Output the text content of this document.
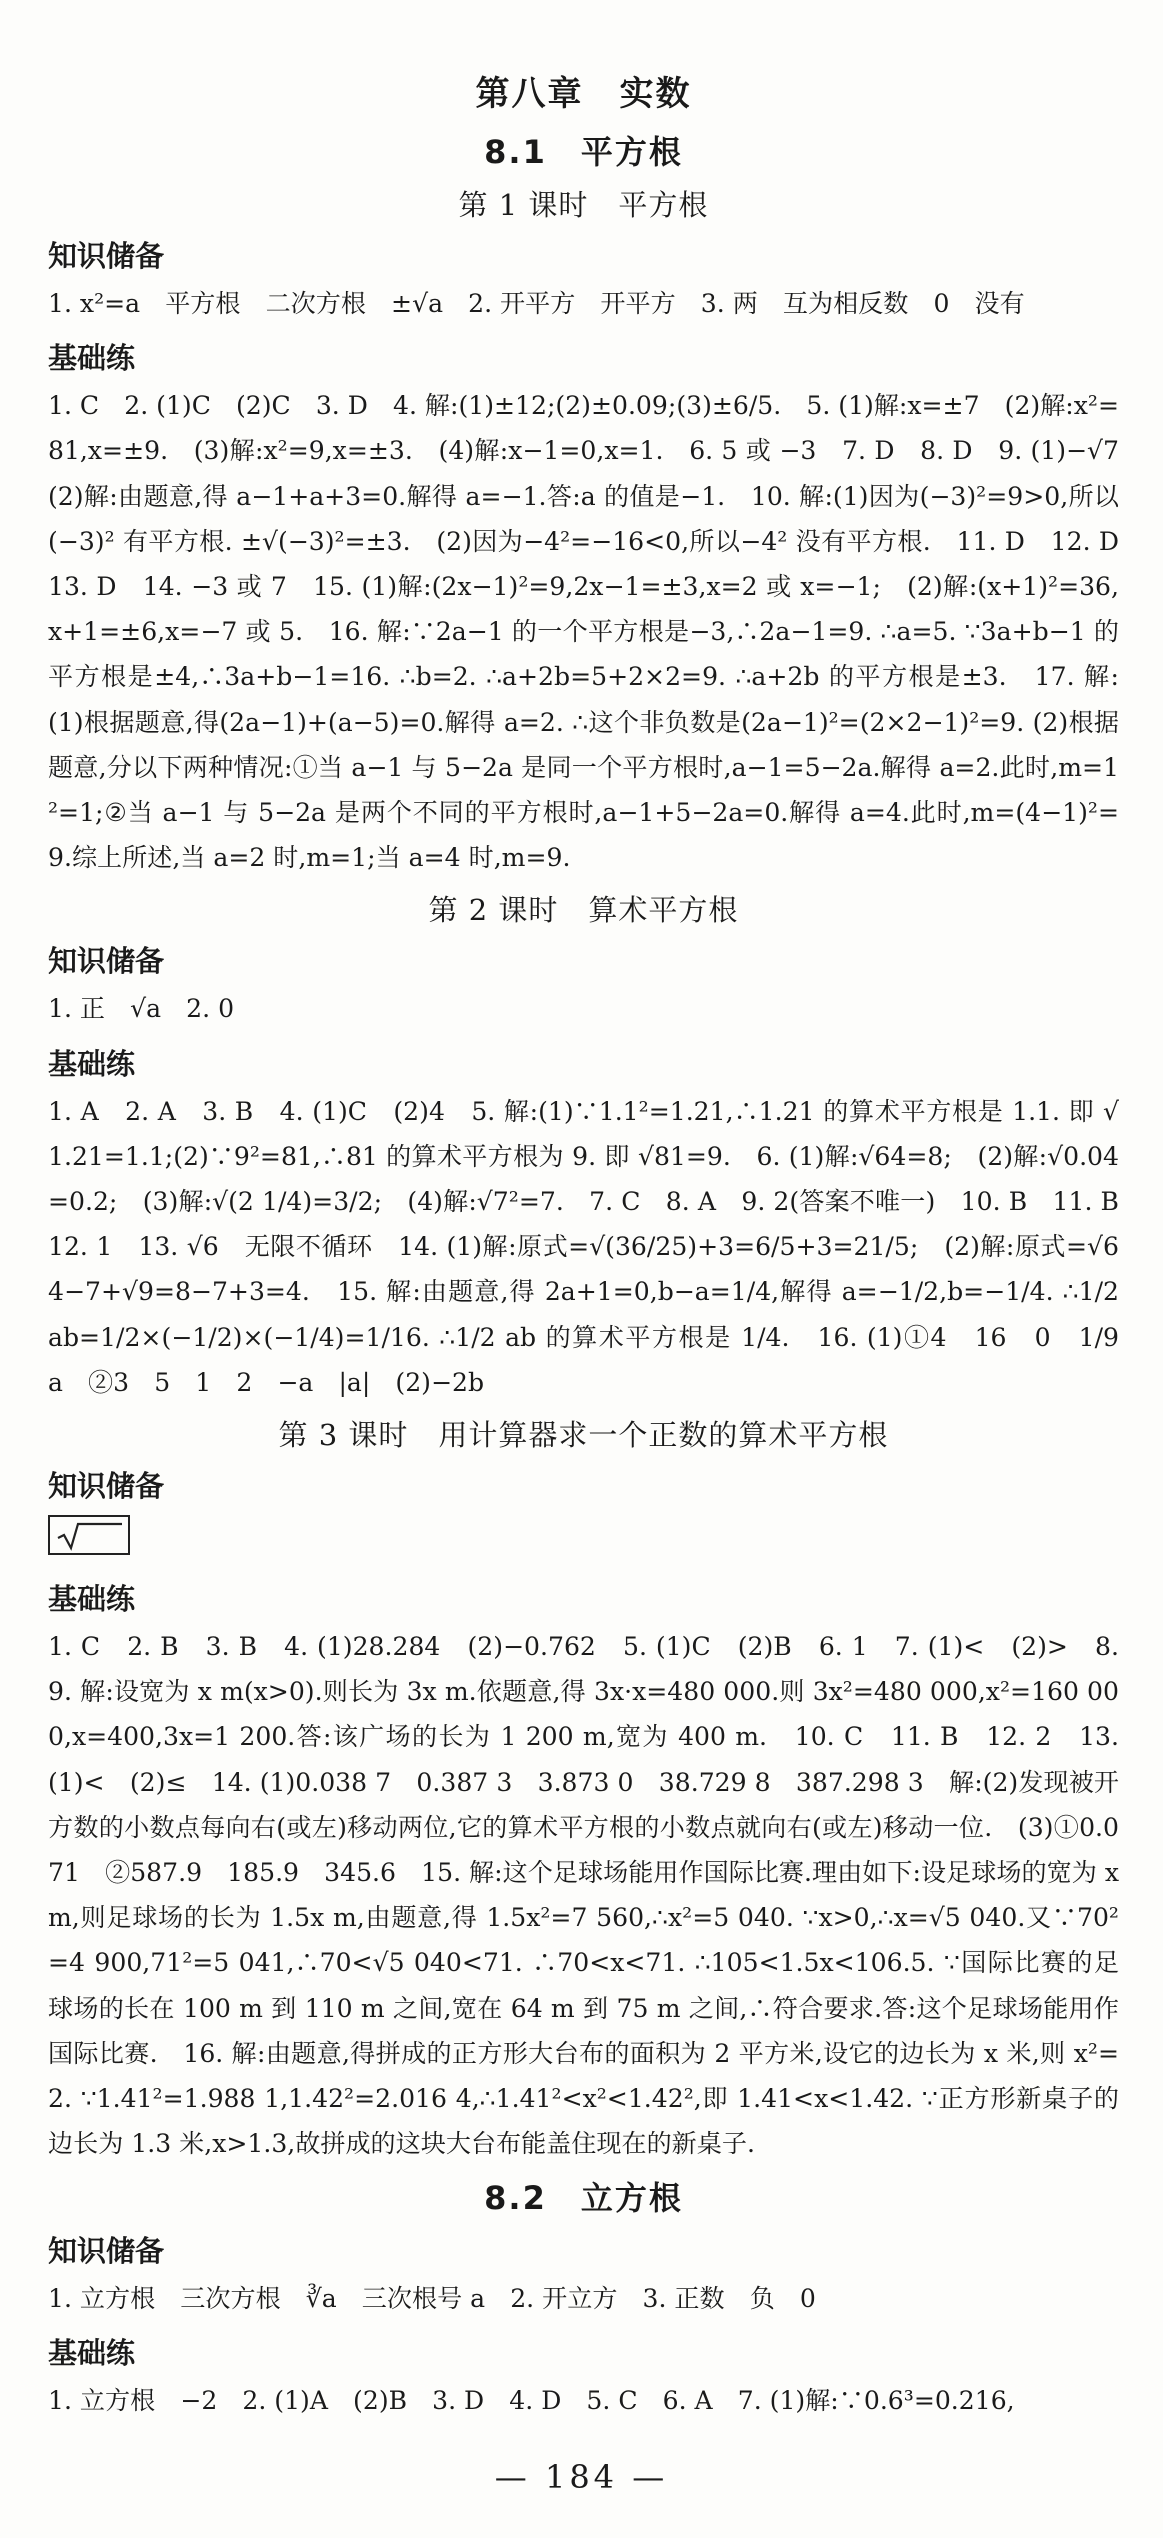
第八章　实数
8.1　平方根
第 1 课时　平方根
知识储备

1. x²=a　平方根　二次方根　±√a　2. 开平方　开平方　3. 两　互为相反数　0　没有

基础练

1. C　2. (1)C　(2)C　3. D　4. 解:(1)±12;(2)±0.09;(3)±6/5.　5. (1)解:x=±7　(2)解:x²=81,x=±9.　(3)解:x²=9,x=±3.　(4)解:x−1=0,x=1.　6. 5 或 −3　7. D　8. D　9. (1)−√7　(2)解:由题意,得 a−1+a+3=0.解得 a=−1.答:a 的值是−1.　10. 解:(1)因为(−3)²=9>0,所以(−3)² 有平方根. ±√(−3)²=±3.　(2)因为−4²=−16<0,所以−4² 没有平方根.　11. D　12. D　13. D　14. −3 或 7　15. (1)解:(2x−1)²=9,2x−1=±3,x=2 或 x=−1;　(2)解:(x+1)²=36,x+1=±6,x=−7 或 5.　16. 解:∵2a−1 的一个平方根是−3,∴2a−1=9. ∴a=5. ∵3a+b−1 的平方根是±4,∴3a+b−1=16. ∴b=2. ∴a+2b=5+2×2=9. ∴a+2b 的平方根是±3.　17. 解:(1)根据题意,得(2a−1)+(a−5)=0.解得 a=2. ∴这个非负数是(2a−1)²=(2×2−1)²=9. (2)根据题意,分以下两种情况:①当 a−1 与 5−2a 是同一个平方根时,a−1=5−2a.解得 a=2.此时,m=1²=1;②当 a−1 与 5−2a 是两个不同的平方根时,a−1+5−2a=0.解得 a=4.此时,m=(4−1)²=9.综上所述,当 a=2 时,m=1;当 a=4 时,m=9.

第 2 课时　算术平方根
知识储备

1. 正　√a　2. 0

基础练

1. A　2. A　3. B　4. (1)C　(2)4　5. 解:(1)∵1.1²=1.21,∴1.21 的算术平方根是 1.1. 即 √1.21=1.1;(2)∵9²=81,∴81 的算术平方根为 9. 即 √81=9.　6. (1)解:√64=8;　(2)解:√0.04=0.2;　(3)解:√(2 1/4)=3/2;　(4)解:√7²=7.　7. C　8. A　9. 2(答案不唯一)　10. B　11. B　12. 1　13. √6　无限不循环　14. (1)解:原式=√(36/25)+3=6/5+3=21/5;　(2)解:原式=√64−7+√9=8−7+3=4.　15. 解:由题意,得 2a+1=0,b−a=1/4,解得 a=−1/2,b=−1/4. ∴1/2 ab=1/2×(−1/2)×(−1/4)=1/16. ∴1/2 ab 的算术平方根是 1/4.　16. (1)①4　16　0　1/9　a　②3　5　1　2　−a　|a|　(2)−2b

第 3 课时　用计算器求一个正数的算术平方根
知识储备
基础练

1. C　2. B　3. B　4. (1)28.284　(2)−0.762　5. (1)C　(2)B　6. 1　7. (1)<　(2)>　8. 9. 解:设宽为 x m(x>0).则长为 3x m.依题意,得 3x·x=480 000.则 3x²=480 000,x²=160 000,x=400,3x=1 200.答:该广场的长为 1 200 m,宽为 400 m.　10. C　11. B　12. 2　13. (1)<　(2)≤　14. (1)0.038 7　0.387 3　3.873 0　38.729 8　387.298 3　解:(2)发现被开方数的小数点每向右(或左)移动两位,它的算术平方根的小数点就向右(或左)移动一位.　(3)①0.071　②587.9　185.9　345.6　15. 解:这个足球场能用作国际比赛.理由如下:设足球场的宽为 x m,则足球场的长为 1.5x m,由题意,得 1.5x²=7 560,∴x²=5 040. ∵x>0,∴x=√5 040.又∵70²=4 900,71²=5 041,∴70<√5 040<71. ∴70<x<71. ∴105<1.5x<106.5. ∵国际比赛的足球场的长在 100 m 到 110 m 之间,宽在 64 m 到 75 m 之间,∴符合要求.答:这个足球场能用作国际比赛.　16. 解:由题意,得拼成的正方形大台布的面积为 2 平方米,设它的边长为 x 米,则 x²=2. ∵1.41²=1.988 1,1.42²=2.016 4,∴1.41²<x²<1.42²,即 1.41<x<1.42. ∵正方形新桌子的边长为 1.3 米,x>1.3,故拼成的这块大台布能盖住现在的新桌子.

8.2　立方根
知识储备

1. 立方根　三次方根　∛a　三次根号 a　2. 开立方　3. 正数　负　0

基础练

1. 立方根　−2　2. (1)A　(2)B　3. D　4. D　5. C　6. A　7. (1)解:∵0.6³=0.216,

— 184 —
